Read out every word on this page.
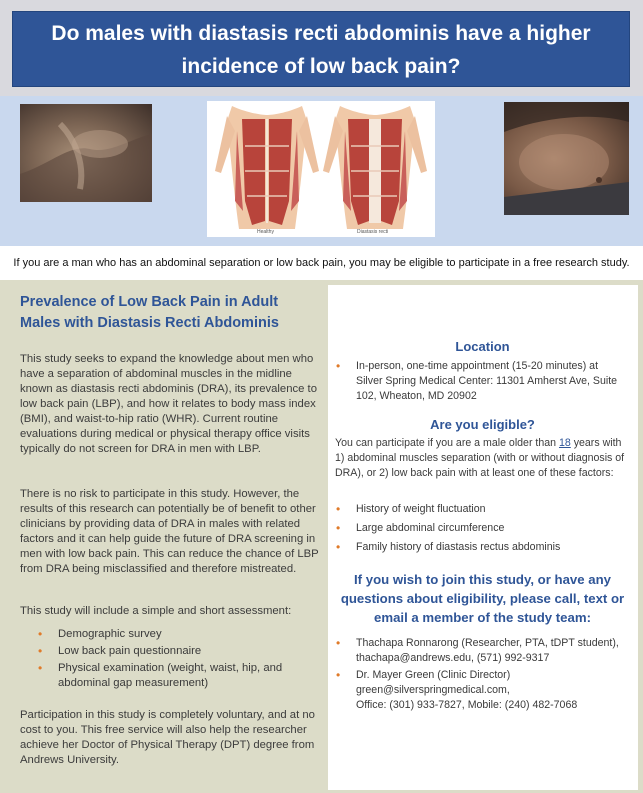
Do males with diastasis recti abdominis have a higher
incidence of low back pain?
Healthy	Diastasis recti
If you are a man who has an abdominal separation or low back pain, you may be eligible to participate in a free research study.
Prevalence of Low Back Pain in Adult
Males with Diastasis Recti Abdominis

This study seeks to expand the knowledge about men who have a separation of abdominal muscles in the midline known as diastasis recti abdominis (DRA), its prevalence to low back pain (LBP), and how it relates to body mass index (BMI), and waist-to-hip ratio (WHR). Current routine evaluations during medical or physical therapy office visits typically do not screen for DRA in men with LBP.

There is no risk to participate in this study. However, the results of this research can potentially be of benefit to other clinicians by providing data of DRA in males with related factors and it can help guide the future of DRA screening in men with low back pain. This can reduce the chance of LBP from DRA being misclassified and therefore mistreated.

This study will include a simple and short assessment:

• Demographic survey
• Low back pain questionnaire
• Physical examination (weight, waist, hip, and abdominal gap measurement)

Participation in this study is completely voluntary, and at no cost to you. This free service will also help the researcher achieve her Doctor of Physical Therapy (DPT) degree from Andrews University.

Location
• In-person, one-time appointment (15-20 minutes) at Silver Spring Medical Center: 11301 Amherst Ave, Suite 102, Wheaton, MD 20902
Are you eligible?
You can participate if you are a male older than 18 years with 1) abdominal muscles separation (with or without diagnosis of DRA), or 2) low back pain with at least one of these factors:
• History of weight fluctuation
• Large abdominal circumference
• Family history of diastasis rectus abdominis
If you wish to join this study, or have any questions about eligibility, please call, text or email a member of the study team:
• Thachapa Ronnarong (Researcher, PTA, tDPT student),
thachapa@andrews.edu, (571) 992-9317
• Dr. Mayer Green (Clinic Director)
green@silverspringmedical.com,
Office: (301) 933-7827, Mobile: (240) 482-7068
